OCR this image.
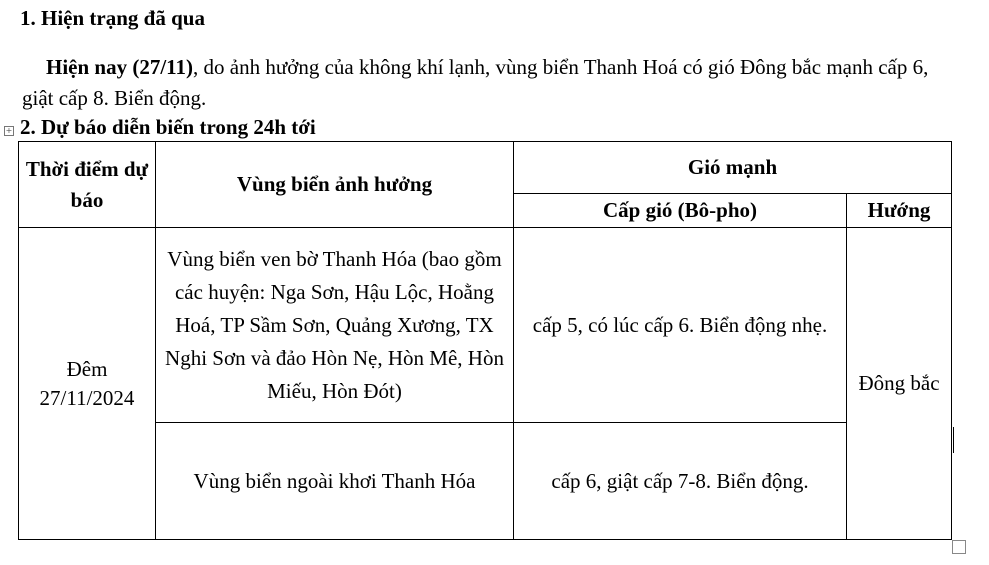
1. Hiện trạng đã qua
Hiện nay (27/11), do ảnh hưởng của không khí lạnh, vùng biển Thanh Hoá có gió Đông bắc mạnh cấp 6, giật cấp 8. Biển động.
+ 2. Dự báo diễn biến trong 24h tới
Thời điểm dự báo	Vùng biển ảnh hưởng	Gió mạnh	
		Cấp gió (Bô-pho)	Hướng
Đêm 27/11/2024	Vùng biển ven bờ Thanh Hóa (bao gồm các huyện: Nga Sơn, Hậu Lộc, Hoằng Hoá, TP Sầm Sơn, Quảng Xương, TX Nghi Sơn và đảo Hòn Nẹ, Hòn Mê, Hòn Miếu, Hòn Đót)	cấp 5, có lúc cấp 6. Biển động nhẹ.	Đông bắc
	Vùng biển ngoài khơi Thanh Hóa	cấp 6, giật cấp 7-8. Biển động.	
